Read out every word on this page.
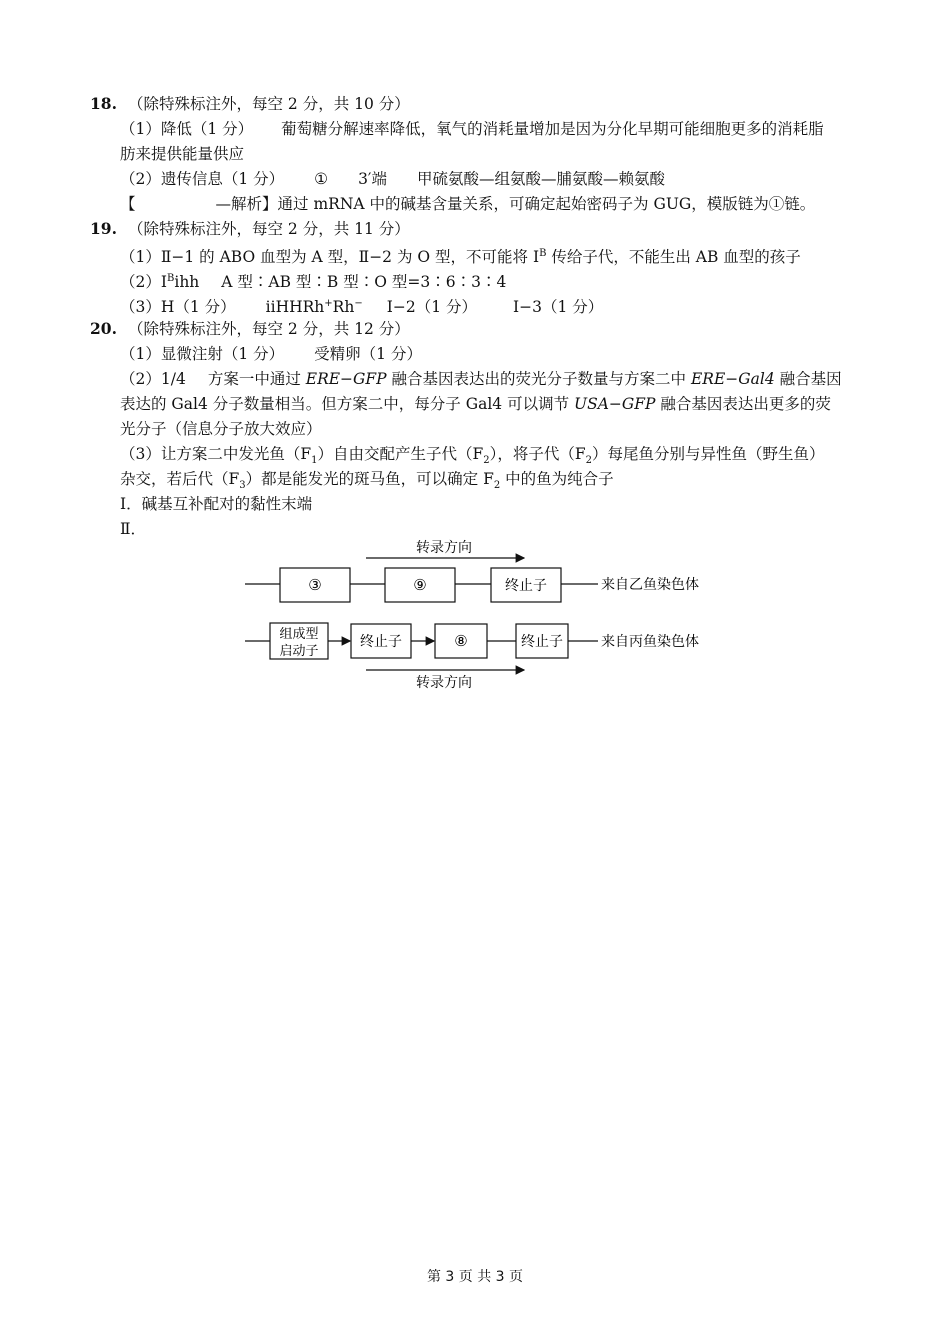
18. （除特殊标注外，每空 2 分，共 10 分）
（1）降低（1 分） 葡萄糖分解速率降低，氧气的消耗量增加是因为分化早期可能细胞更多的消耗脂
肪来提供能量供应
（2）遗传信息（1 分） ① 3′端 甲硫氨酸—组氨酸—脯氨酸—赖氨酸
【	—解析】通过 mRNA 中的碱基含量关系，可确定起始密码子为 GUG，模版链为①链。
19. （除特殊标注外，每空 2 分，共 11 分）
（1）Ⅱ−1 的 ABO 血型为 A 型，Ⅱ−2 为 O 型，不可能将 $I^B$ 传给子代，不能生出 AB 血型的孩子
$(2)I^Bihh$ A 型∶AB 型∶B 型∶O 型=3∶6∶3∶4
（3）H（1 分） iiHHRh+Rh− Ⅰ−2（1 分） Ⅰ−3（1 分）
20. （除特殊标注外，每空 2 分，共 12 分）
（1）显微注射（1 分） 受精卵（1 分）
（2）1/4 方案一中通过 ERE−GFP 融合基因表达出的荧光分子数量与方案二中 ERE−Gal4 融合基因
表达的 Gal4 分子数量相当。但方案二中，每分子 Gal4 可以调节 USA−GFP 融合基因表达出更多的荧
光分子（信息分子放大效应）
（3）让方案二中发光鱼$(F_1)$自由交配产生子代$(F_2)$，将子代$(F_2)$每尾鱼分别与异性鱼（野生鱼）
杂交，若后代$(F_3)$都是能发光的斑马鱼，可以确定 $F_2$ 中的鱼为纯合子
Ⅰ．碱基互补配对的黏性末端
Ⅱ．
转录方向
③	⑨	终止子	来自乙鱼染色体
组成型
启动子
终止子	⑧	终止子	来自丙鱼染色体
转录方向
第 3 页 共 3 页
